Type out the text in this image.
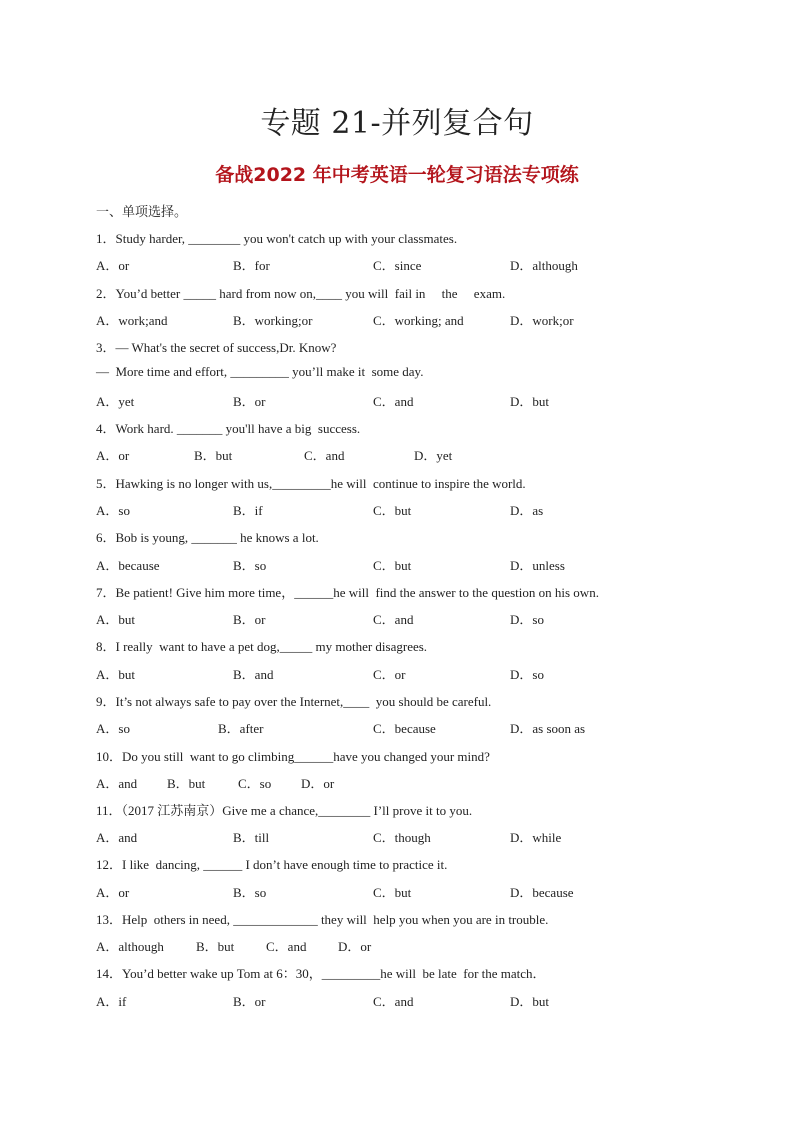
专题 21-并列复合句
备战2022 年中考英语一轮复习语法专项练
一、单项选择。
1．Study harder, ________ you won't catch up with your classmates.
A．or	B．for	C．since	D．although
2．You’d better _____ hard from now on,____ you will  fail in     the     exam.
A．work;and	B．working;or	C．working; and	D．work;or
3．— What's the secret of success,Dr. Know?
—  More time and effort, _________ you’ll make it  some day.
A．yet	B．or	C．and	D．but
4．Work hard. _______ you'll have a big  success.
A．or	B．but	C．and	D．yet
5．Hawking is no longer with us,_________he will  continue to inspire the world.
A．so	B．if	C．but	D．as
6．Bob is young, _______ he knows a lot.
A．because	B．so	C．but	D．unless
7．Be patient! Give him more time，______he will  find the answer to the question on his own.
A．but	B．or	C．and	D．so
8．I really  want to have a pet dog,_____ my mother disagrees.
A．but	B．and	C．or	D．so
9．It’s not always safe to pay over the Internet,____  you should be careful.
A．so	B．after	C．because	D．as soon as
10．Do you still  want to go climbing______have you changed your mind?
A．and B．but	C．so D．or
11．（2017 江苏南京）Give me a chance,________ I’ll prove it to you.
A．and	B．till	C．though	D．while
12．I like  dancing, ______ I don’t have enough time to practice it.
A．or	B．so	C．but	D．because
13．Help  others in need, _____________ they will  help you when you are in trouble.
A．although B．but C．and D．or
14．You’d better wake up Tom at 6：30，_________he will  be late  for the match．
A．if	B．or	C．and	D．but
